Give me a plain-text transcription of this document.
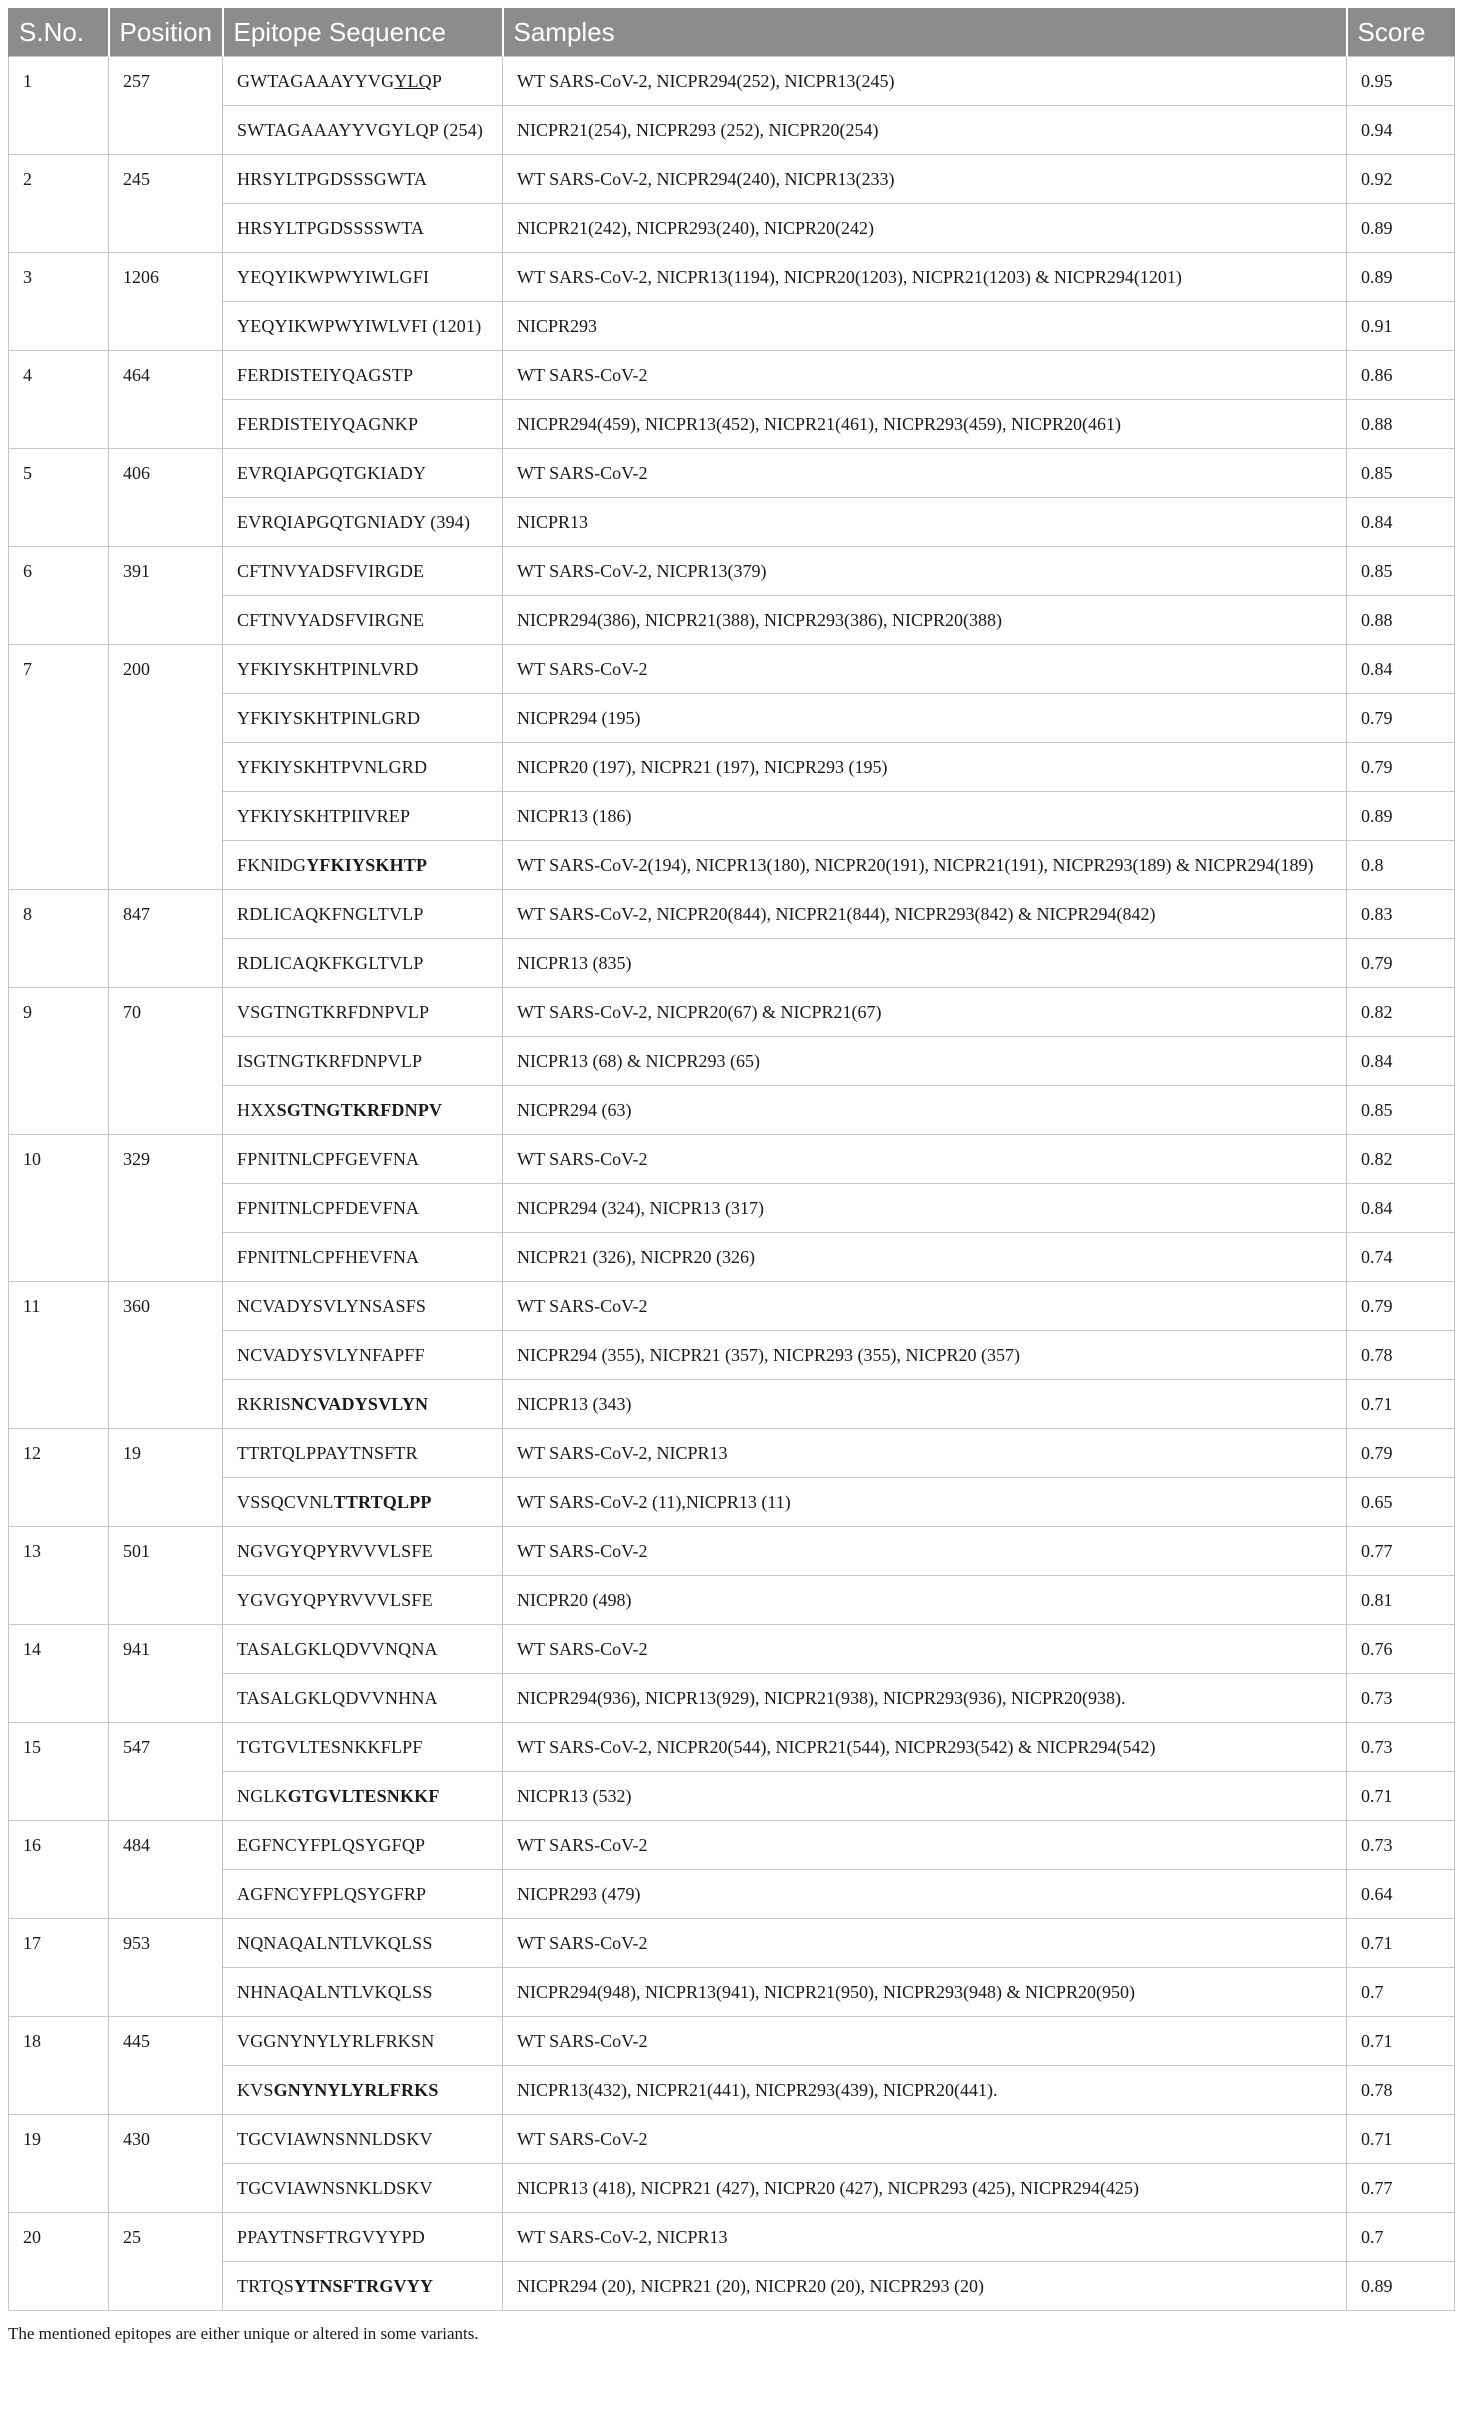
S.No.	Position	Epitope Sequence	Samples	Score
1	257	GWTAGAAAYYVGYLQP	WT SARS-CoV-2, NICPR294(252), NICPR13(245)	0.95
		SWTAGAAAYYVGYLQP (254)	NICPR21(254), NICPR293 (252), NICPR20(254)	0.94
2	245	HRSYLTPGDSSSGWTA	WT SARS-CoV-2, NICPR294(240), NICPR13(233)	0.92
		HRSYLTPGDSSSSWTA	NICPR21(242), NICPR293(240), NICPR20(242)	0.89
3	1206	YEQYIKWPWYIWLGFI	WT SARS-CoV-2, NICPR13(1194), NICPR20(1203), NICPR21(1203) & NICPR294(1201)	0.89
		YEQYIKWPWYIWLVFI (1201)	NICPR293	0.91
4	464	FERDISTEIYQAGSTP	WT SARS-CoV-2	0.86
		FERDISTEIYQAGNKP	NICPR294(459), NICPR13(452), NICPR21(461), NICPR293(459), NICPR20(461)	0.88
5	406	EVRQIAPGQTGKIADY	WT SARS-CoV-2	0.85
		EVRQIAPGQTGNIADY (394)	NICPR13	0.84
6	391	CFTNVYADSFVIRGDE	WT SARS-CoV-2, NICPR13(379)	0.85
		CFTNVYADSFVIRGNE	NICPR294(386), NICPR21(388), NICPR293(386), NICPR20(388)	0.88
7	200	YFKIYSKHTPINLVRD	WT SARS-CoV-2	0.84
		YFKIYSKHTPINLGRD	NICPR294 (195)	0.79
		YFKIYSKHTPVNLGRD	NICPR20 (197), NICPR21 (197), NICPR293 (195)	0.79
		YFKIYSKHTPIIVREP	NICPR13 (186)	0.89
		FKNIDGYFKIYSKHTP	WT SARS-CoV-2(194), NICPR13(180), NICPR20(191), NICPR21(191), NICPR293(189) & NICPR294(189)	0.8
8	847	RDLICAQKFNGLTVLP	WT SARS-CoV-2, NICPR20(844), NICPR21(844), NICPR293(842) & NICPR294(842)	0.83
		RDLICAQKFKGLTVLP	NICPR13 (835)	0.79
9	70	VSGTNGTKRFDNPVLP	WT SARS-CoV-2, NICPR20(67) & NICPR21(67)	0.82
		ISGTNGTKRFDNPVLP	NICPR13 (68) & NICPR293 (65)	0.84
		HXXSGTNGTKRFDNPV	NICPR294 (63)	0.85
10	329	FPNITNLCPFGEVFNA	WT SARS-CoV-2	0.82
		FPNITNLCPFDEVFNA	NICPR294 (324), NICPR13 (317)	0.84
		FPNITNLCPFHEVFNA	NICPR21 (326), NICPR20 (326)	0.74
11	360	NCVADYSVLYNSASFS	WT SARS-CoV-2	0.79
		NCVADYSVLYNFAPFF	NICPR294 (355), NICPR21 (357), NICPR293 (355), NICPR20 (357)	0.78
		RKRISNCVADYSVLYN	NICPR13 (343)	0.71
12	19	TTRTQLPPAYTNSFTR	WT SARS-CoV-2, NICPR13	0.79
		VSSQCVNLTTRTQLPP	WT SARS-CoV-2 (11),NICPR13 (11)	0.65
13	501	NGVGYQPYRVVVLSFE	WT SARS-CoV-2	0.77
		YGVGYQPYRVVVLSFE	NICPR20 (498)	0.81
14	941	TASALGKLQDVVNQNA	WT SARS-CoV-2	0.76
		TASALGKLQDVVNHNA	NICPR294(936), NICPR13(929), NICPR21(938), NICPR293(936), NICPR20(938).	0.73
15	547	TGTGVLTESNKKFLPF	WT SARS-CoV-2, NICPR20(544), NICPR21(544), NICPR293(542) & NICPR294(542)	0.73
		NGLKGTGVLTESNKKF	NICPR13 (532)	0.71
16	484	EGFNCYFPLQSYGFQP	WT SARS-CoV-2	0.73
		AGFNCYFPLQSYGFRP	NICPR293 (479)	0.64
17	953	NQNAQALNTLVKQLSS	WT SARS-CoV-2	0.71
		NHNAQALNTLVKQLSS	NICPR294(948), NICPR13(941), NICPR21(950), NICPR293(948) & NICPR20(950)	0.7
18	445	VGGNYNYLYRLFRKSN	WT SARS-CoV-2	0.71
		KVSGNYNYLYRLFRKS	NICPR13(432), NICPR21(441), NICPR293(439), NICPR20(441).	0.78
19	430	TGCVIAWNSNNLDSKV	WT SARS-CoV-2	0.71
		TGCVIAWNSNKLDSKV	NICPR13 (418), NICPR21 (427), NICPR20 (427), NICPR293 (425), NICPR294(425)	0.77
20	25	PPAYTNSFTRGVYYPD	WT SARS-CoV-2, NICPR13	0.7
		TRTQSYTNSFTRGVYY	NICPR294 (20), NICPR21 (20), NICPR20 (20), NICPR293 (20)	0.89
The mentioned epitopes are either unique or altered in some variants.
